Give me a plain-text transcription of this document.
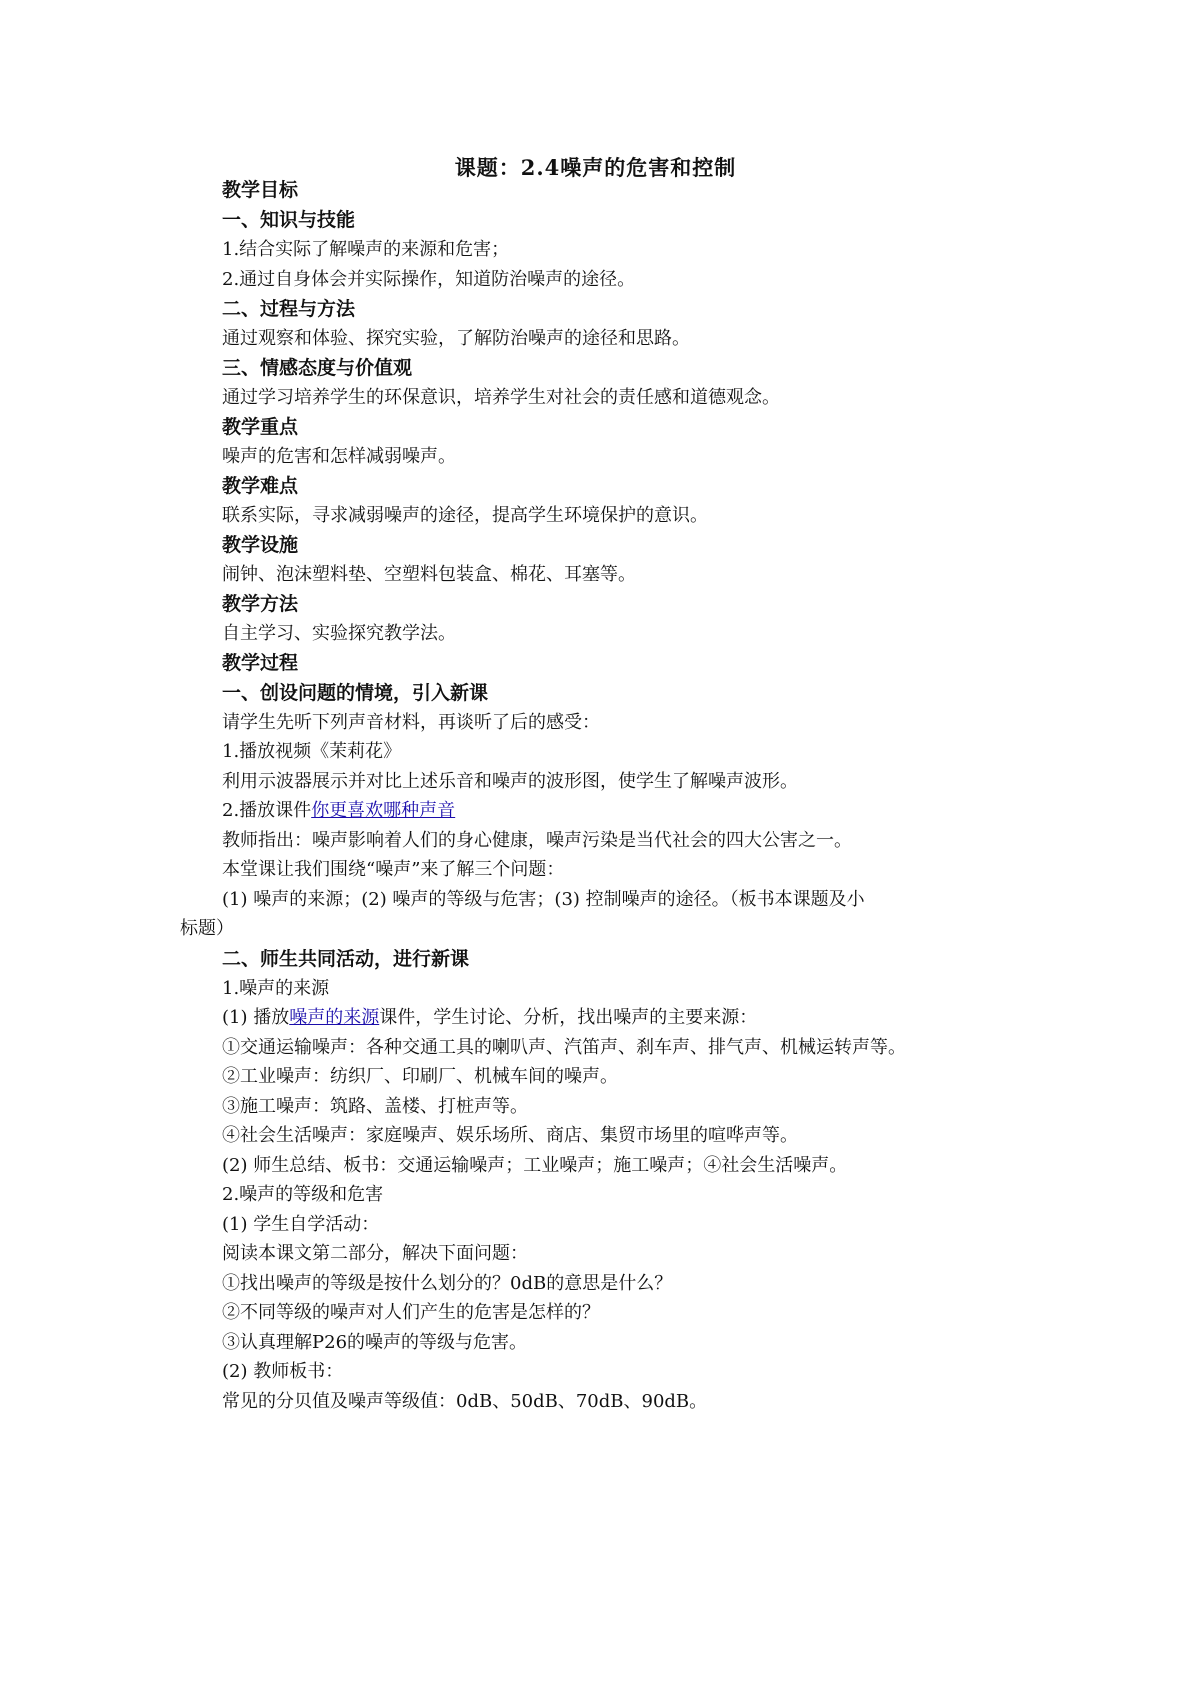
课题：2.4噪声的危害和控制
教学目标
一、知识与技能
1.结合实际了解噪声的来源和危害；
2.通过自身体会并实际操作，知道防治噪声的途径。
二、过程与方法
通过观察和体验、探究实验，了解防治噪声的途径和思路。
三、情感态度与价值观
通过学习培养学生的环保意识，培养学生对社会的责任感和道德观念。
教学重点
噪声的危害和怎样减弱噪声。
教学难点
联系实际，寻求减弱噪声的途径，提高学生环境保护的意识。
教学设施
闹钟、泡沫塑料垫、空塑料包装盒、棉花、耳塞等。
教学方法
自主学习、实验探究教学法。
教学过程
一、创设问题的情境，引入新课
请学生先听下列声音材料，再谈听了后的感受：
1.播放视频《茉莉花》
利用示波器展示并对比上述乐音和噪声的波形图，使学生了解噪声波形。
2.播放课件你更喜欢哪种声音
教师指出：噪声影响着人们的身心健康，噪声污染是当代社会的四大公害之一。
本堂课让我们围绕“噪声”来了解三个问题：
(1) 噪声的来源；(2) 噪声的等级与危害；(3) 控制噪声的途径。（板书本课题及小
标题）
二、师生共同活动，进行新课
1.噪声的来源
(1) 播放噪声的来源课件，学生讨论、分析，找出噪声的主要来源：
①交通运输噪声：各种交通工具的喇叭声、汽笛声、刹车声、排气声、机械运转声等。
②工业噪声：纺织厂、印刷厂、机械车间的噪声。
③施工噪声：筑路、盖楼、打桩声等。
④社会生活噪声：家庭噪声、娱乐场所、商店、集贸市场里的喧哗声等。
(2) 师生总结、板书：交通运输噪声；工业噪声；施工噪声；④社会生活噪声。
2.噪声的等级和危害
(1) 学生自学活动：
阅读本课文第二部分，解决下面问题：
①找出噪声的等级是按什么划分的？0dB的意思是什么？
②不同等级的噪声对人们产生的危害是怎样的？
③认真理解P26的噪声的等级与危害。
(2) 教师板书：
常见的分贝值及噪声等级值：0dB、50dB、70dB、90dB。
